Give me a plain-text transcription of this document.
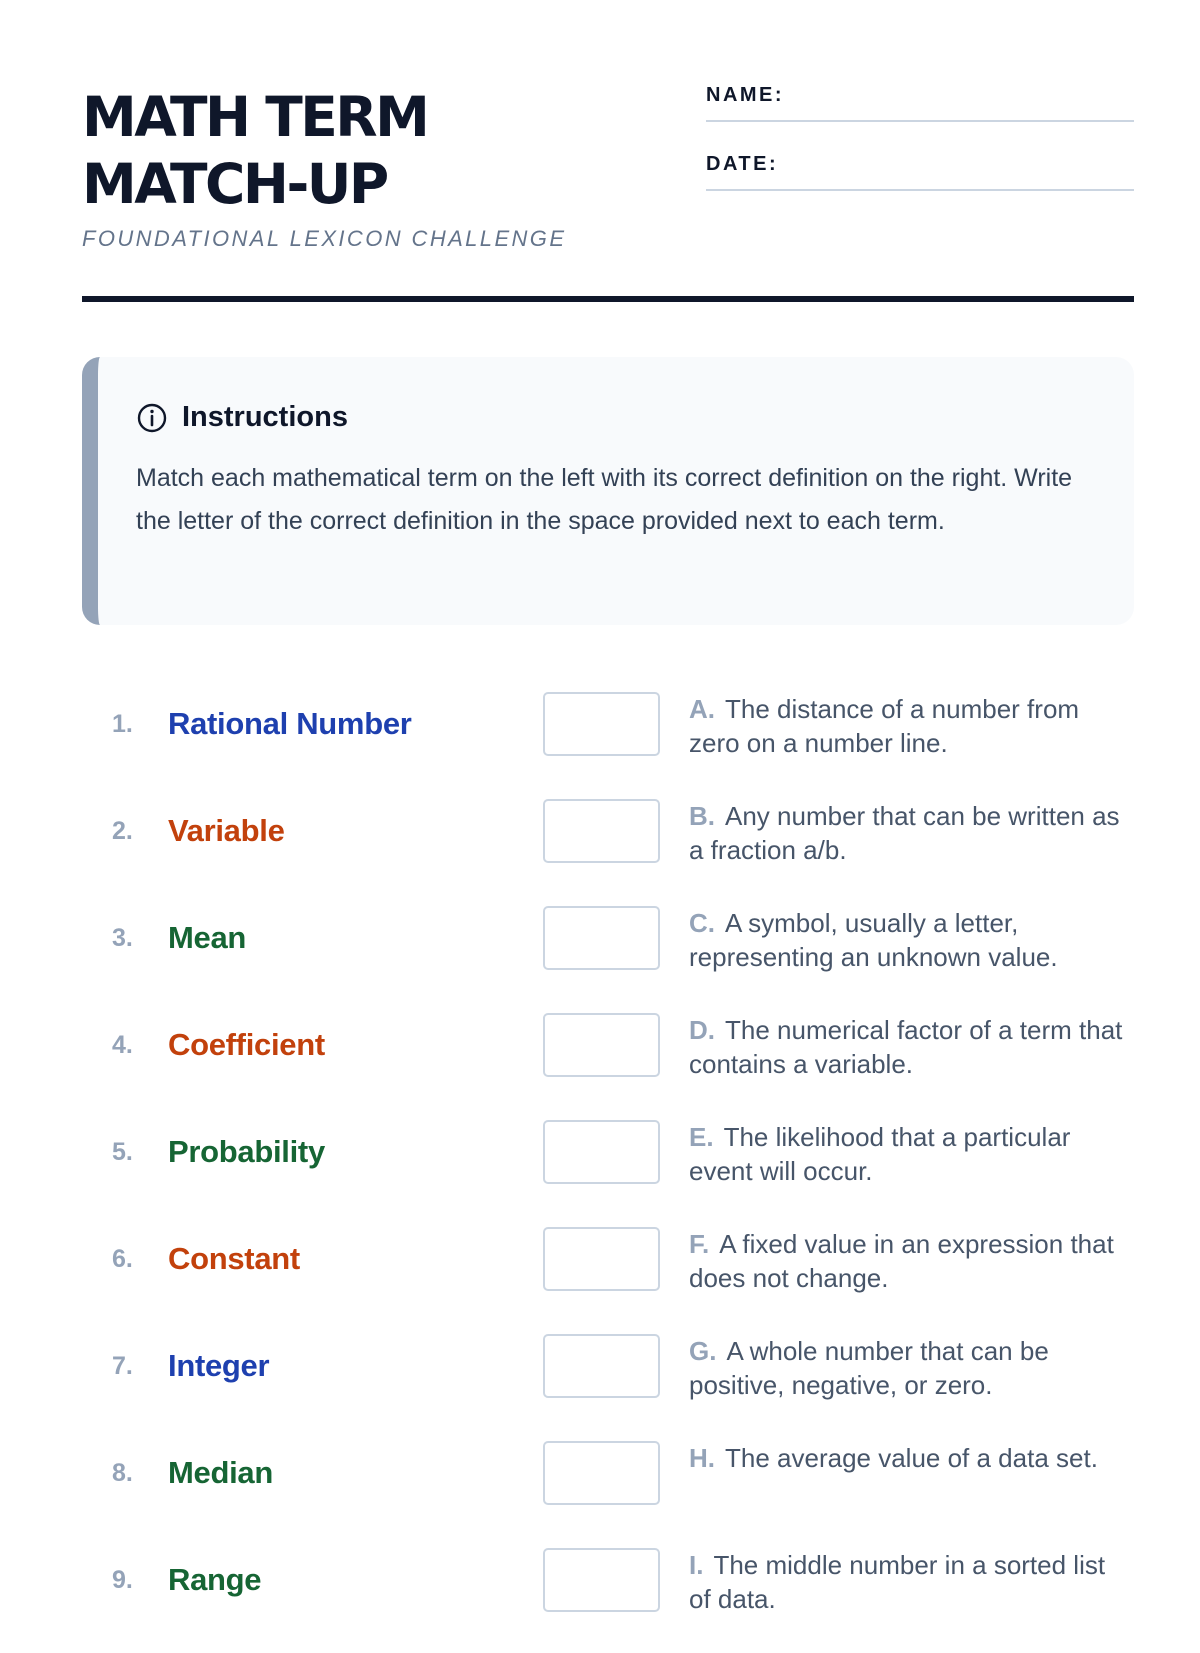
MATH TERM
MATCH-UP
FOUNDATIONAL LEXICON CHALLENGE
NAME:
DATE:
Instructions
Match each mathematical term on the left with its correct definition on the right. Write the letter of the correct definition in the space provided next to each term.
1.	Rational Number	A. The distance of a number from zero on a number line.
2.	Variable	B. Any number that can be written as a fraction a/b.
3.	Mean	C. A symbol, usually a letter, representing an unknown value.
4.	Coefficient	D. The numerical factor of a term that contains a variable.
5.	Probability	E. The likelihood that a particular event will occur.
6.	Constant	F. A fixed value in an expression that does not change.
7.	Integer	G. A whole number that can be positive, negative, or zero.
8.	Median	H. The average value of a data set.
9.	Range	I. The middle number in a sorted list of data.
